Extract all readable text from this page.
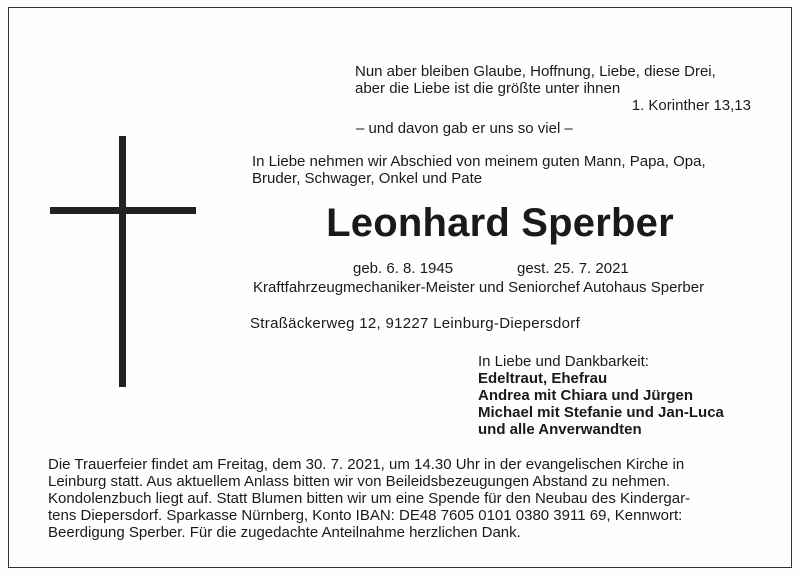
Nun aber bleiben Glaube, Hoffnung, Liebe, diese Drei,
aber die Liebe ist die größte unter ihnen
1. Korinther 13,13
– und davon gab er uns so viel –
In Liebe nehmen wir Abschied von meinem guten Mann, Papa, Opa,
Bruder, Schwager, Onkel und Pate
Leonhard Sperber
geb. 6. 8. 1945	gest. 25. 7. 2021
Kraftfahrzeugmechaniker-Meister und Seniorchef Autohaus Sperber
Straßäckerweg 12, 91227 Leinburg-Diepersdorf
In Liebe und Dankbarkeit:
Edeltraut, Ehefrau
Andrea mit Chiara und Jürgen
Michael mit Stefanie und Jan-Luca
und alle Anverwandten
Die Trauerfeier findet am Freitag, dem 30. 7. 2021, um 14.30 Uhr in der evangelischen Kirche in
Leinburg statt. Aus aktuellem Anlass bitten wir von Beileidsbezeugungen Abstand zu nehmen.
Kondolenzbuch liegt auf. Statt Blumen bitten wir um eine Spende für den Neubau des Kindergar-
tens Diepersdorf. Sparkasse Nürnberg, Konto IBAN: DE48 7605 0101 0380 3911 69, Kennwort:
Beerdigung Sperber. Für die zugedachte Anteilnahme herzlichen Dank.
